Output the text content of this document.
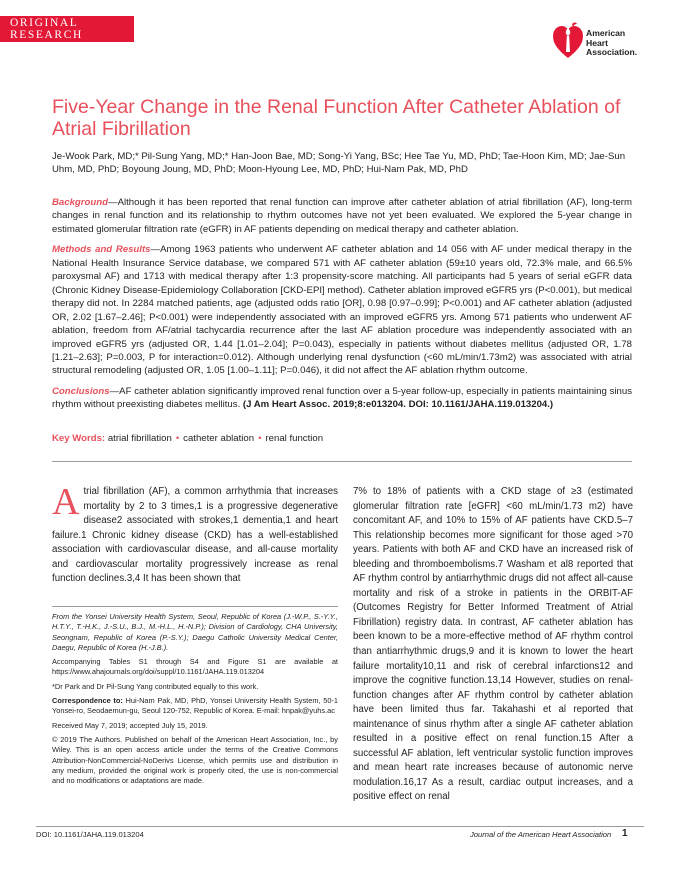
ORIGINAL RESEARCH	American
Heart
Association.
Five-Year Change in the Renal Function After Catheter Ablation of Atrial Fibrillation
Je-Wook Park, MD;* Pil-Sung Yang, MD;* Han-Joon Bae, MD; Song-Yi Yang, BSc; Hee Tae Yu, MD, PhD; Tae-Hoon Kim, MD; Jae-Sun Uhm, MD, PhD; Boyoung Joung, MD, PhD; Moon-Hyoung Lee, MD, PhD; Hui-Nam Pak, MD, PhD

Background—Although it has been reported that renal function can improve after catheter ablation of atrial fibrillation (AF), long-term changes in renal function and its relationship to rhythm outcomes have not yet been evaluated. We explored the 5-year change in estimated glomerular filtration rate (eGFR) in AF patients depending on medical therapy and catheter ablation.

Methods and Results—Among 1963 patients who underwent AF catheter ablation and 14 056 with AF under medical therapy in the National Health Insurance Service database, we compared 571 with AF catheter ablation (59±10 years old, 72.3% male, and 66.5% paroxysmal AF) and 1713 with medical therapy after 1:3 propensity-score matching. All participants had 5 years of serial eGFR data (Chronic Kidney Disease-Epidemiology Collaboration [CKD-EPI] method). Catheter ablation improved eGFR5 yrs (P<0.001), but medical therapy did not. In 2284 matched patients, age (adjusted odds ratio [OR], 0.98 [0.97–0.99]; P<0.001) and AF catheter ablation (adjusted OR, 2.02 [1.67–2.46]; P<0.001) were independently associated with an improved eGFR5 yrs. Among 571 patients who underwent AF ablation, freedom from AF/atrial tachycardia recurrence after the last AF ablation procedure was independently associated with an improved eGFR5 yrs (adjusted OR, 1.44 [1.01–2.04]; P=0.043), especially in patients without diabetes mellitus (adjusted OR, 1.78 [1.21–2.63]; P=0.003, P for interaction=0.012). Although underlying renal dysfunction (<60 mL/min/1.73m2) was associated with atrial structural remodeling (adjusted OR, 1.05 [1.00–1.11]; P=0.046), it did not affect the AF ablation rhythm outcome.

Conclusions—AF catheter ablation significantly improved renal function over a 5-year follow-up, especially in patients maintaining sinus rhythm without preexisting diabetes mellitus. (J Am Heart Assoc. 2019;8:e013204. DOI: 10.1161/JAHA.119.013204.)

Key Words: atrial fibrillation • catheter ablation • renal function
Atrial fibrillation (AF), a common arrhythmia that increases mortality by 2 to 3 times,1 is a progressive degenerative disease2 associated with strokes,1 dementia,1 and heart failure.1 Chronic kidney disease (CKD) has a well-established association with cardiovascular disease, and all-cause mortality and cardiovascular mortality progressively increase as renal function declines.3,4 It has been shown that

From the Yonsei University Health System, Seoul, Republic of Korea (J.-W.P., S.-Y.Y., H.T.Y., T.-H.K., J.-S.U., B.J., M.-H.L., H.-N.P.); Division of Cardiology, CHA University, Seongnam, Republic of Korea (P.-S.Y.); Daegu Catholic University Medical Center, Daegu, Republic of Korea (H.-J.B.).

Accompanying Tables S1 through S4 and Figure S1 are available at https://www.ahajournals.org/doi/suppl/10.1161/JAHA.119.013204

*Dr Park and Dr Pil-Sung Yang contributed equally to this work.

Correspondence to: Hui-Nam Pak, MD, PhD, Yonsei University Health System, 50-1 Yonsei-ro, Seodaemun-gu, Seoul 120-752, Republic of Korea. E-mail: hnpak@yuhs.ac

Received May 7, 2019; accepted July 15, 2019.

© 2019 The Authors. Published on behalf of the American Heart Association, Inc., by Wiley. This is an open access article under the terms of the Creative Commons Attribution-NonCommercial-NoDerivs License, which permits use and distribution in any medium, provided the original work is properly cited, the use is non-commercial and no modifications or adaptations are made.

7% to 18% of patients with a CKD stage of ≥3 (estimated glomerular filtration rate [eGFR] <60 mL/min/1.73 m2) have concomitant AF, and 10% to 15% of AF patients have CKD.5–7 This relationship becomes more significant for those aged >70 years. Patients with both AF and CKD have an increased risk of bleeding and thromboembolisms.7 Washam et al8 reported that AF rhythm control by antiarrhythmic drugs did not affect all-cause mortality and risk of a stroke in patients in the ORBIT-AF (Outcomes Registry for Better Informed Treatment of Atrial Fibrillation) registry data. In contrast, AF catheter ablation has been known to be a more-effective method of AF rhythm control than antiarrhythmic drugs,9 and it is known to lower the heart failure mortality10,11 and risk of cerebral infarctions12 and improve the cognitive function.13,14 However, studies on renal-function changes after AF rhythm control by catheter ablation have been limited thus far. Takahashi et al reported that maintenance of sinus rhythm after a single AF catheter ablation resulted in a positive effect on renal function.15 After a successful AF ablation, left ventricular systolic function improves and mean heart rate increases because of autonomic nerve modulation.16,17 As a result, cardiac output increases, and a positive effect on renal
DOI: 10.1161/JAHA.119.013204	Journal of the American Heart Association 1
